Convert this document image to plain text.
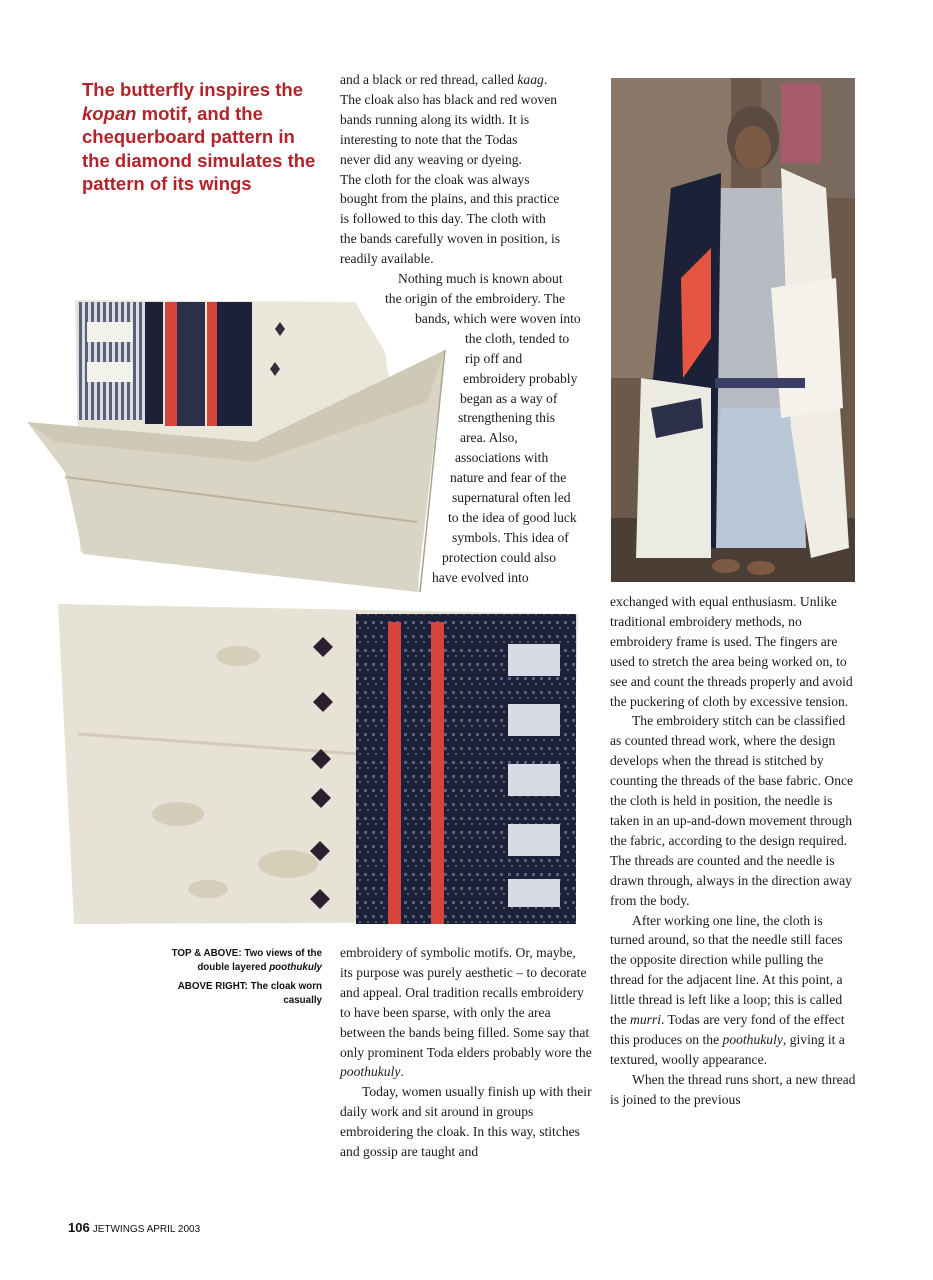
The butterfly inspires the kopan motif, and the chequerboard pattern in the diamond simulates the pattern of its wings
and a black or red thread, called kaag.
The cloak also has black and red woven
bands running along its width. It is
interesting to note that the Todas
never did any weaving or dyeing.
The cloth for the cloak was always
bought from the plains, and this practice
is followed to this day. The cloth with
the bands carefully woven in position, is
readily available.
Nothing much is known about
the origin of the embroidery. The
bands, which were woven into
the cloth, tended to
rip off and
embroidery probably
began as a way of
strengthening this
area. Also,
associations with
nature and fear of the
supernatural often led
to the idea of good luck
symbols. This idea of
protection could also
have evolved into

TOP & ABOVE: Two views of the double layered poothukuly

ABOVE RIGHT: The cloak worn casually

embroidery of symbolic motifs. Or, maybe, its purpose was purely aesthetic – to decorate and appeal. Oral tradition recalls embroidery to have been sparse, with only the area between the bands being filled. Some say that only prominent Toda elders probably wore the poothukuly.

Today, women usually finish up with their daily work and sit around in groups embroidering the cloak. In this way, stitches and gossip are taught and

exchanged with equal enthusiasm. Unlike traditional embroidery methods, no embroidery frame is used. The fingers are used to stretch the area being worked on, to see and count the threads properly and avoid the puckering of cloth by excessive tension.

The embroidery stitch can be classified as counted thread work, where the design develops when the thread is stitched by counting the threads of the base fabric. Once the cloth is held in position, the needle is taken in an up-and-down movement through the fabric, according to the design required. The threads are counted and the needle is drawn through, always in the direction away from the body.

After working one line, the cloth is turned around, so that the needle still faces the opposite direction while pulling the thread for the adjacent line. At this point, a little thread is left like a loop; this is called the murri. Todas are very fond of the effect this produces on the poothukuly, giving it a textured, woolly appearance.

When the thread runs short, a new thread is joined to the previous

106 JETWINGS APRIL 2003
